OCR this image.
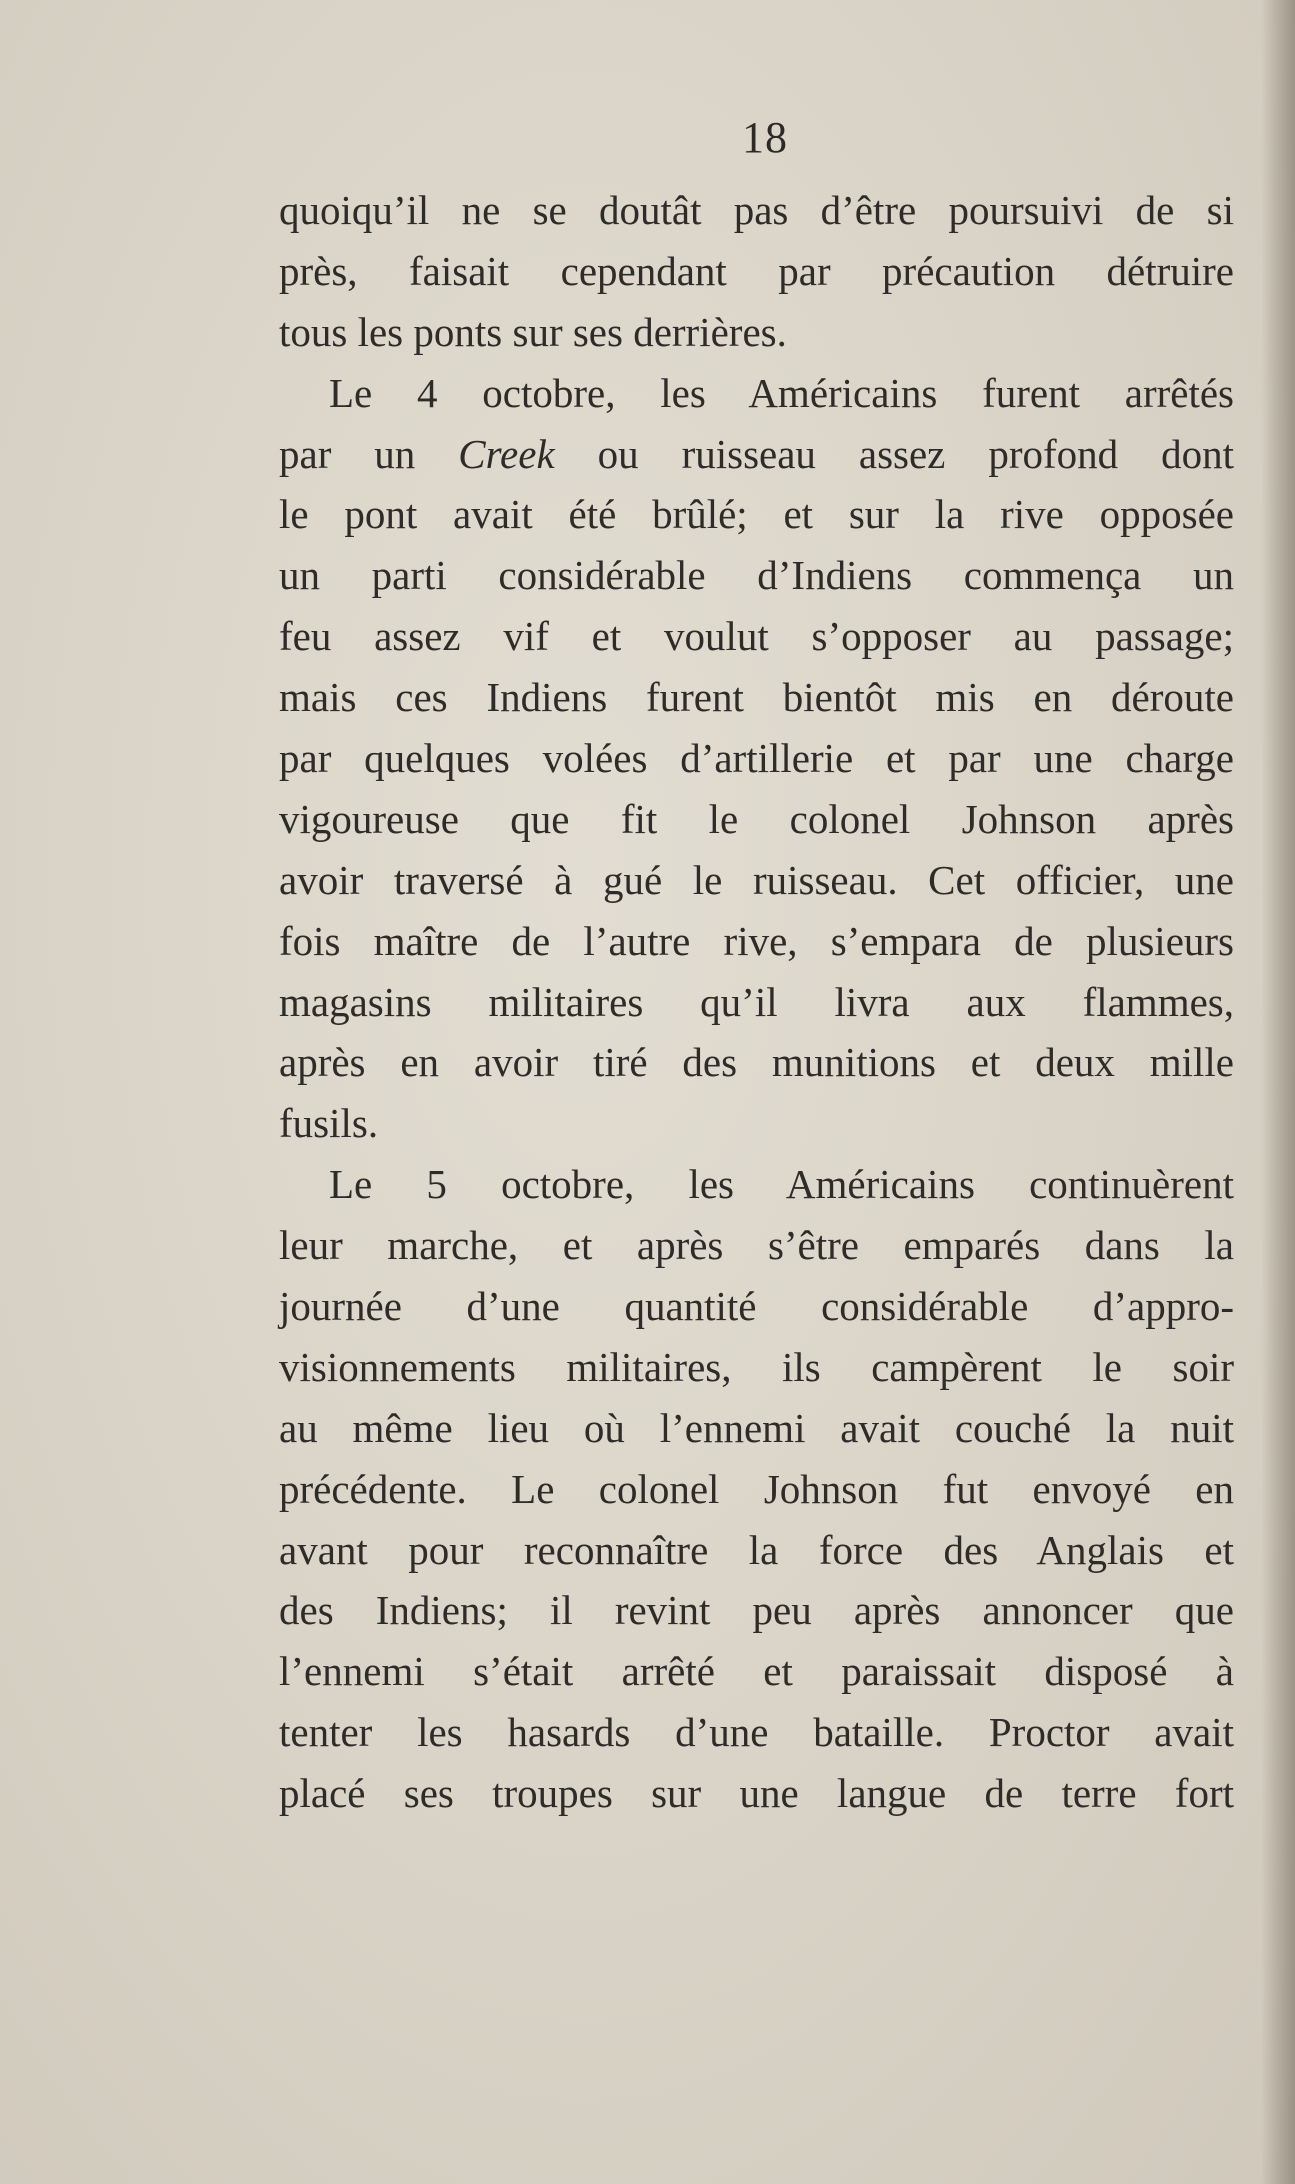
18
quoiqu’il ne se doutât pas d’être poursuivi de si
près, faisait cependant par précaution détruire
tous les ponts sur ses derrières.
Le 4 octobre, les Américains furent arrêtés
par un Creek ou ruisseau assez profond dont
le pont avait été brûlé; et sur la rive opposée
un parti considérable d’Indiens commença un
feu assez vif et voulut s’opposer au passage;
mais ces Indiens furent bientôt mis en déroute
par quelques volées d’artillerie et par une charge
vigoureuse que fit le colonel Johnson après
avoir traversé à gué le ruisseau. Cet officier, une
fois maître de l’autre rive, s’empara de plusieurs
magasins militaires qu’il livra aux flammes,
après en avoir tiré des munitions et deux mille
fusils.
Le 5 octobre, les Américains continuèrent
leur marche, et après s’être emparés dans la
journée d’une quantité considérable d’appro-
visionnements militaires, ils campèrent le soir
au même lieu où l’ennemi avait couché la nuit
précédente. Le colonel Johnson fut envoyé en
avant pour reconnaître la force des Anglais et
des Indiens; il revint peu après annoncer que
l’ennemi s’était arrêté et paraissait disposé à
tenter les hasards d’une bataille. Proctor avait
placé ses troupes sur une langue de terre fort
